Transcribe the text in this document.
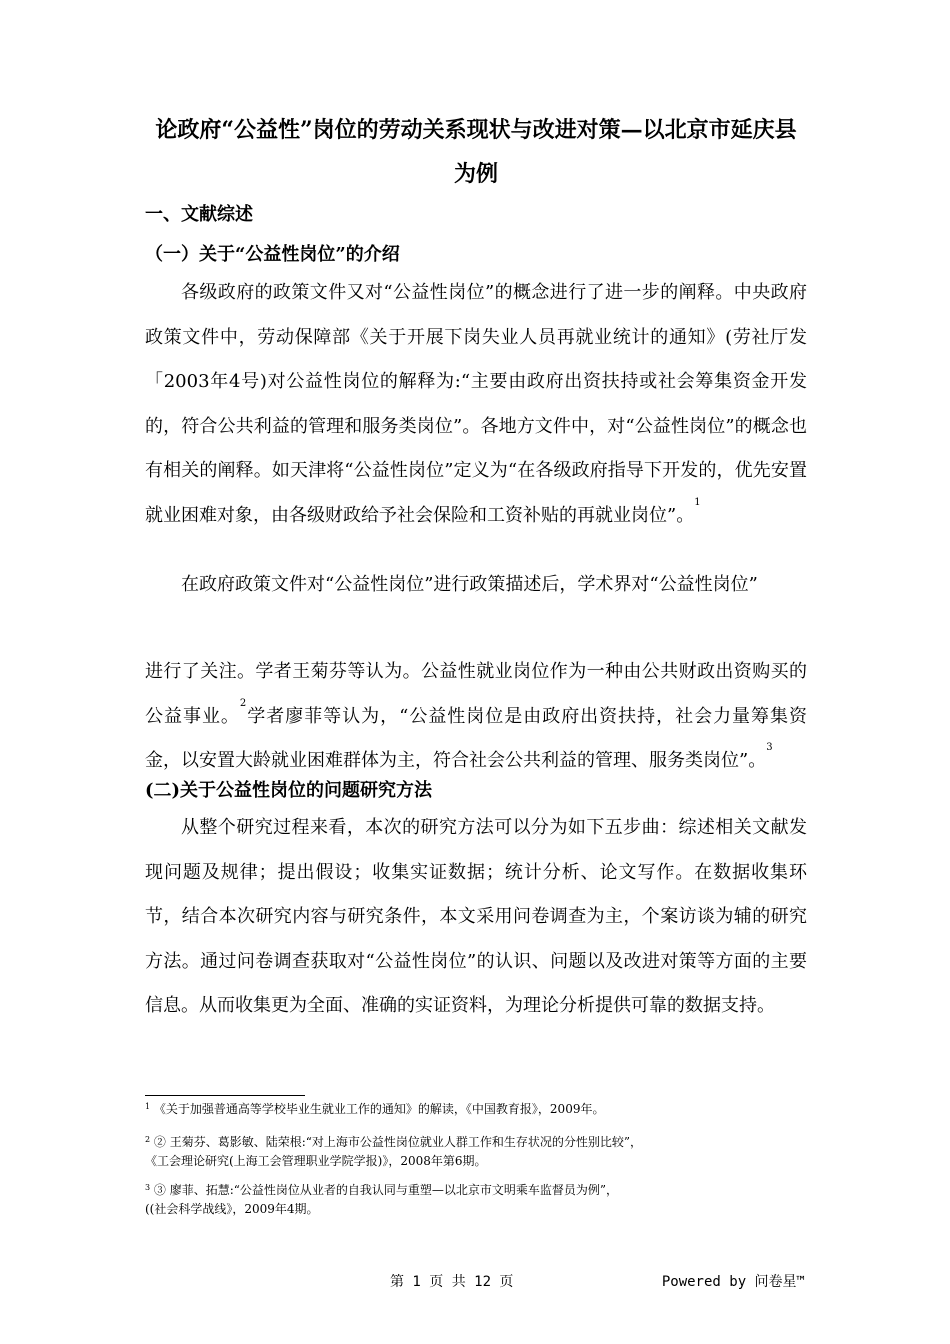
论政府“公益性”岗位的劳动关系现状与改进对策—以北京市延庆县为例
一、文献综述
（一）关于“公益性岗位”的介绍
各级政府的政策文件又对“公益性岗位”的概念进行了进一步的阐释。中央政府政策文件中，劳动保障部《关于开展下岗失业人员再就业统计的通知》(劳社厅发「2003年4号)对公益性岗位的解释为:“主要由政府出资扶持或社会筹集资金开发的，符合公共利益的管理和服务类岗位”。各地方文件中，对“公益性岗位”的概念也有相关的阐释。如天津将“公益性岗位”定义为“在各级政府指导下开发的，优先安置就业困难对象，由各级财政给予社会保险和工资补贴的再就业岗位”。$^1$
在政府政策文件对“公益性岗位”进行政策描述后，学术界对“公益性岗位”
进行了关注。学者王菊芬等认为。公益性就业岗位作为一种由公共财政出资购买的公益事业。$^2$学者廖菲等认为，“公益性岗位是由政府出资扶持，社会力量筹集资金，以安置大龄就业困难群体为主，符合社会公共利益的管理、服务类岗位”。$^3$
(二)关于公益性岗位的问题研究方法
从整个研究过程来看，本次的研究方法可以分为如下五步曲：综述相关文献发现问题及规律；提出假设；收集实证数据；统计分析、论文写作。在数据收集环节，结合本次研究内容与研究条件，本文采用问卷调查为主，个案访谈为辅的研究方法。通过问卷调查获取对“公益性岗位”的认识、问题以及改进对策等方面的主要信息。从而收集更为全面、准确的实证资料，为理论分析提供可靠的数据支持。
$^1$ 《关于加强普通高等学校毕业生就业工作的通知》的解读，《中国教育报》，2009年。
$^2$ ② 王菊芬、葛影敏、陆荣根:“对上海市公益性岗位就业人群工作和生存状况的分性别比较”，
《工会理论研究(上海工会管理职业学院学报)》，2008年第6期。
$^3$ ③ 廖菲、拓慧:“公益性岗位从业者的自我认同与重塑—以北京市文明乘车监督员为例”，
((社会科学战线》，2009年4期。
第 1 页 共 12 页	Powered by 问卷星™
